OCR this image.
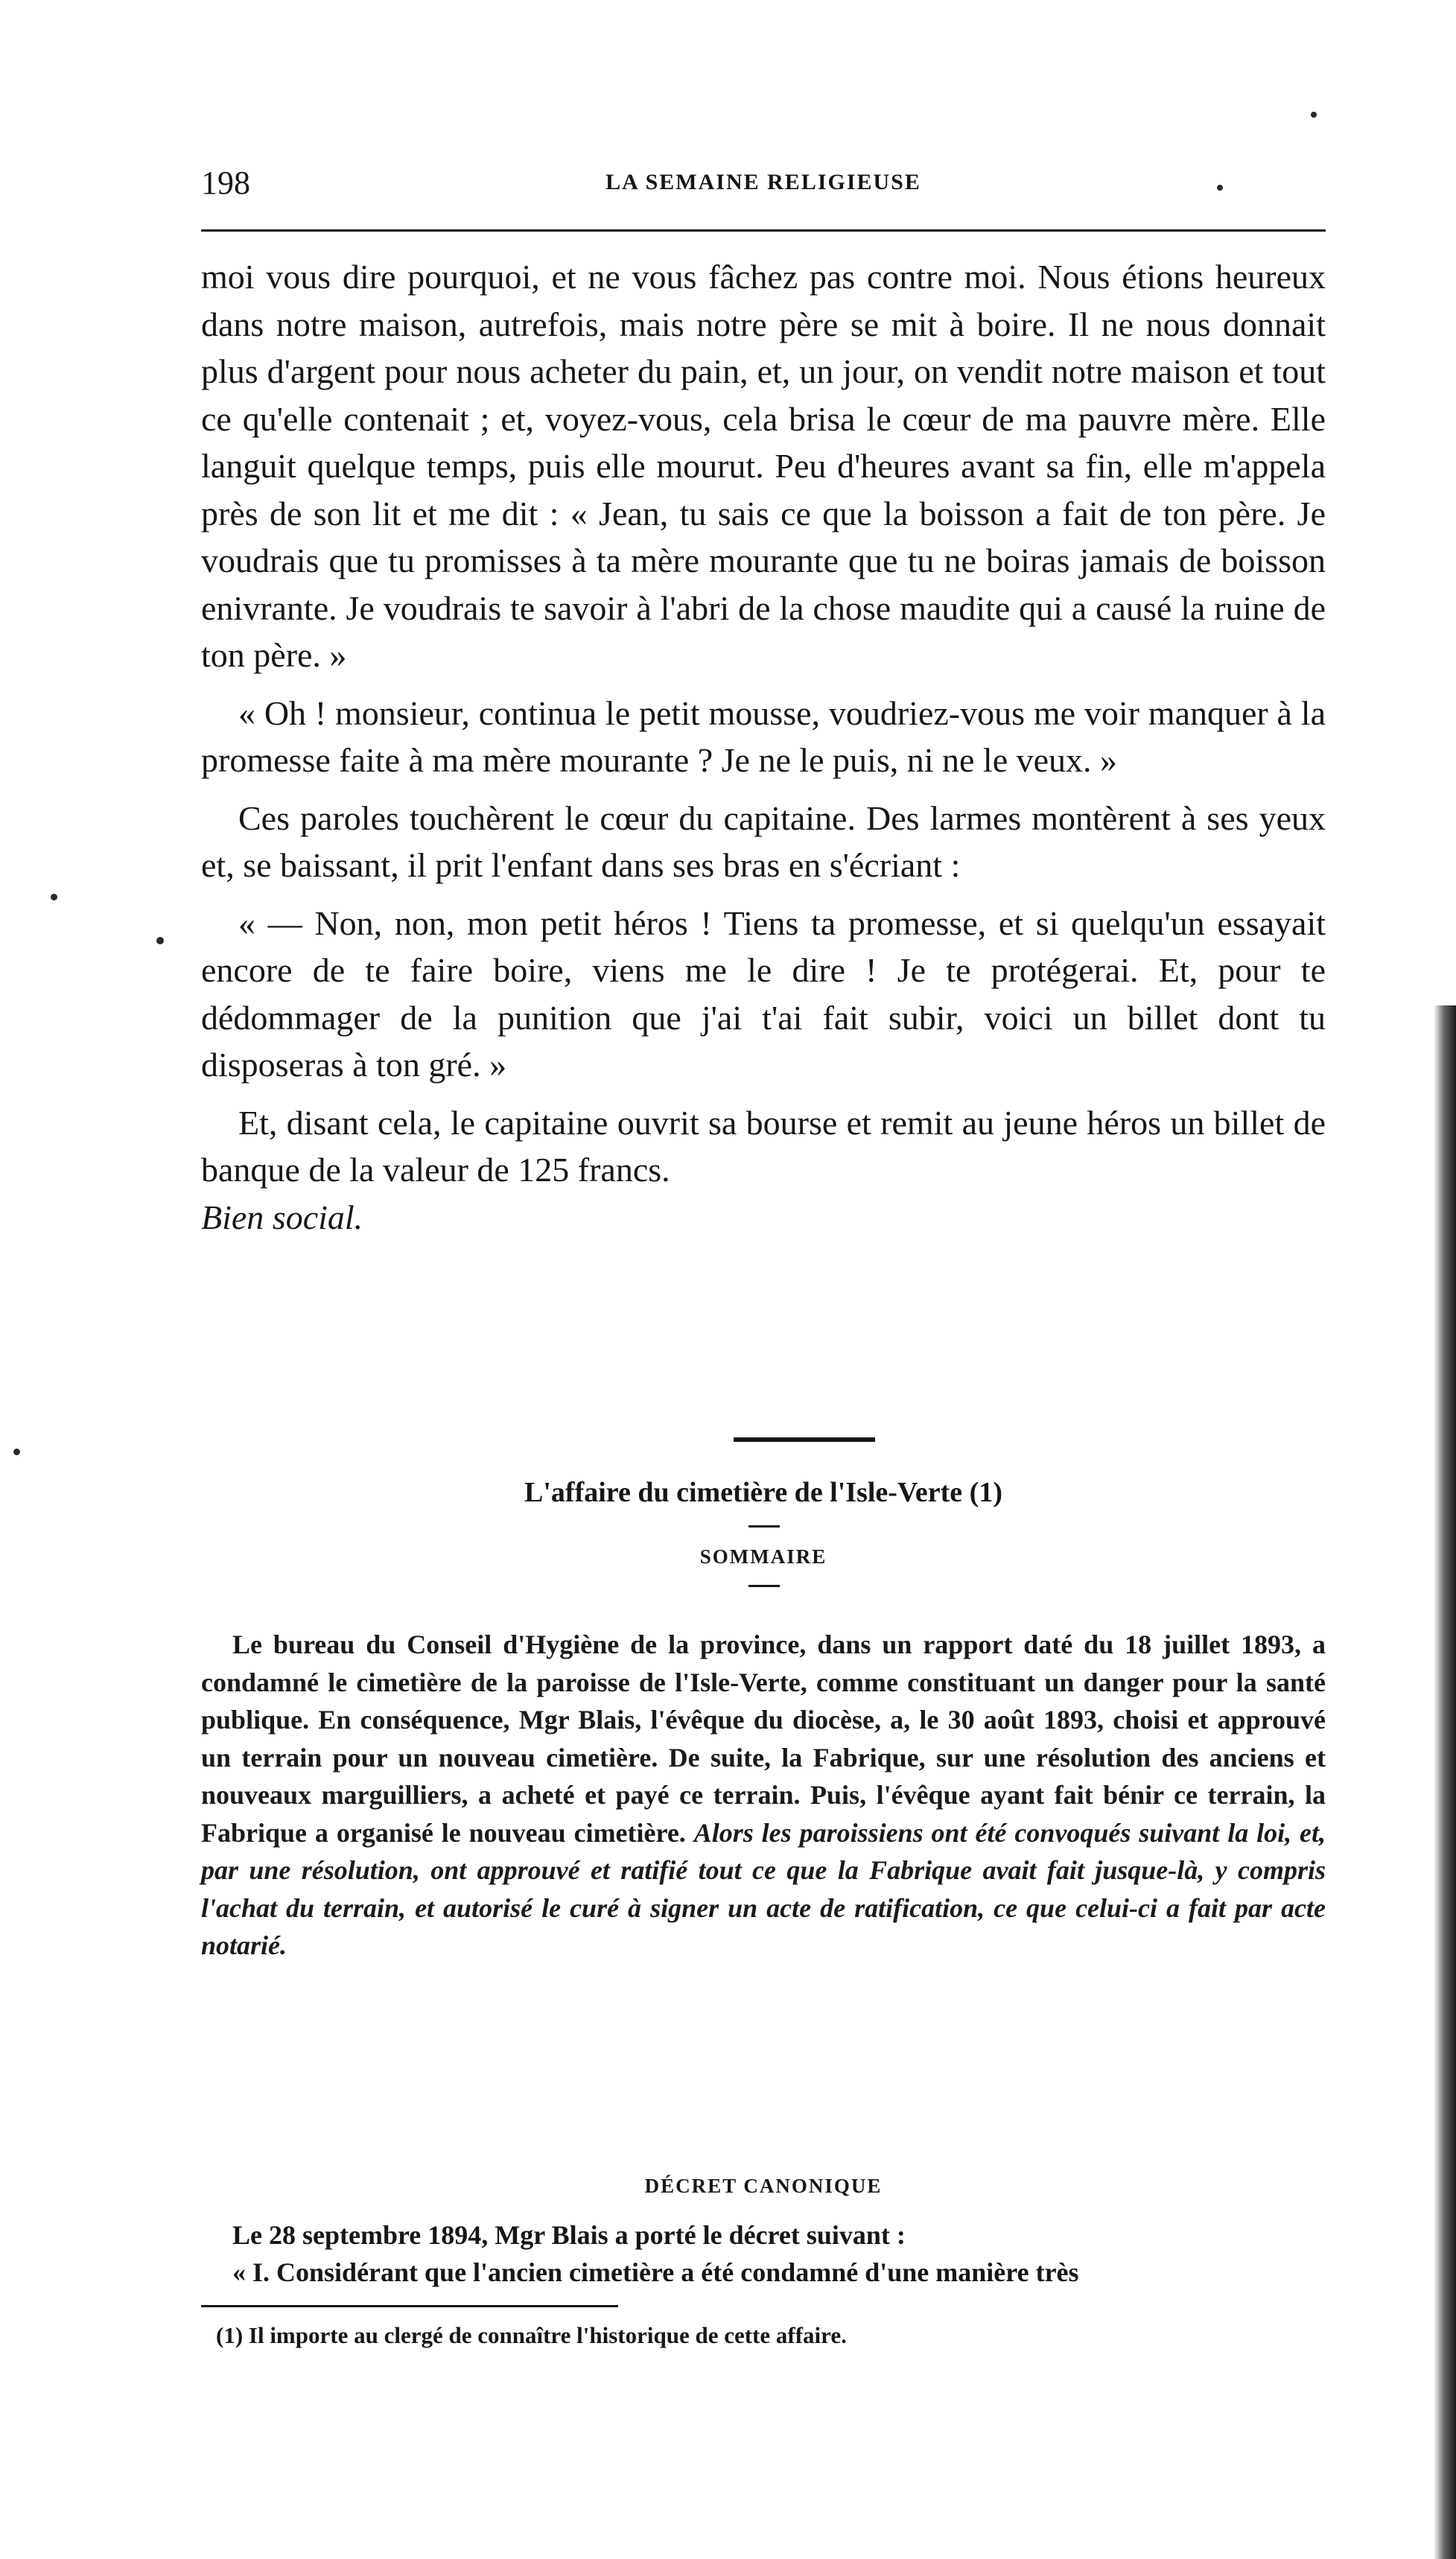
198	LA SEMAINE RELIGIEUSE

moi vous dire pourquoi, et ne vous fâchez pas contre moi. Nous étions heureux dans notre maison, autrefois, mais notre père se mit à boire. Il ne nous donnait plus d'argent pour nous acheter du pain, et, un jour, on vendit notre maison et tout ce qu'elle contenait ; et, voyez-vous, cela brisa le cœur de ma pauvre mère. Elle languit quelque temps, puis elle mourut. Peu d'heures avant sa fin, elle m'appela près de son lit et me dit : « Jean, tu sais ce que la boisson a fait de ton père. Je voudrais que tu promisses à ta mère mourante que tu ne boiras jamais de boisson enivrante. Je voudrais te savoir à l'abri de la chose maudite qui a causé la ruine de ton père. »

« Oh ! monsieur, continua le petit mousse, voudriez-vous me voir manquer à la promesse faite à ma mère mourante ? Je ne le puis, ni ne le veux. »

Ces paroles touchèrent le cœur du capitaine. Des larmes montèrent à ses yeux et, se baissant, il prit l'enfant dans ses bras en s'écriant :

« — Non, non, mon petit héros ! Tiens ta promesse, et si quelqu'un essayait encore de te faire boire, viens me le dire ! Je te protégerai. Et, pour te dédommager de la punition que j'ai t'ai fait subir, voici un billet dont tu disposeras à ton gré. »

Et, disant cela, le capitaine ouvrit sa bourse et remit au jeune héros un billet de banque de la valeur de 125 francs.

Bien social.

L'affaire du cimetière de l'Isle-Verte (1)
SOMMAIRE

Le bureau du Conseil d'Hygiène de la province, dans un rapport daté du 18 juillet 1893, a condamné le cimetière de la paroisse de l'Isle-Verte, comme constituant un danger pour la santé publique. En conséquence, Mgr Blais, l'évêque du diocèse, a, le 30 août 1893, choisi et approuvé un terrain pour un nouveau cimetière. De suite, la Fabrique, sur une résolution des anciens et nouveaux marguilliers, a acheté et payé ce terrain. Puis, l'évêque ayant fait bénir ce terrain, la Fabrique a organisé le nouveau cimetière. Alors les paroissiens ont été convoqués suivant la loi, et, par une résolution, ont approuvé et ratifié tout ce que la Fabrique avait fait jusque-là, y compris l'achat du terrain, et autorisé le curé à signer un acte de ratification, ce que celui-ci a fait par acte notarié.

DÉCRET CANONIQUE

Le 28 septembre 1894, Mgr Blais a porté le décret suivant :

« I. Considérant que l'ancien cimetière a été condamné d'une manière très

(1) Il importe au clergé de connaître l'historique de cette affaire.
